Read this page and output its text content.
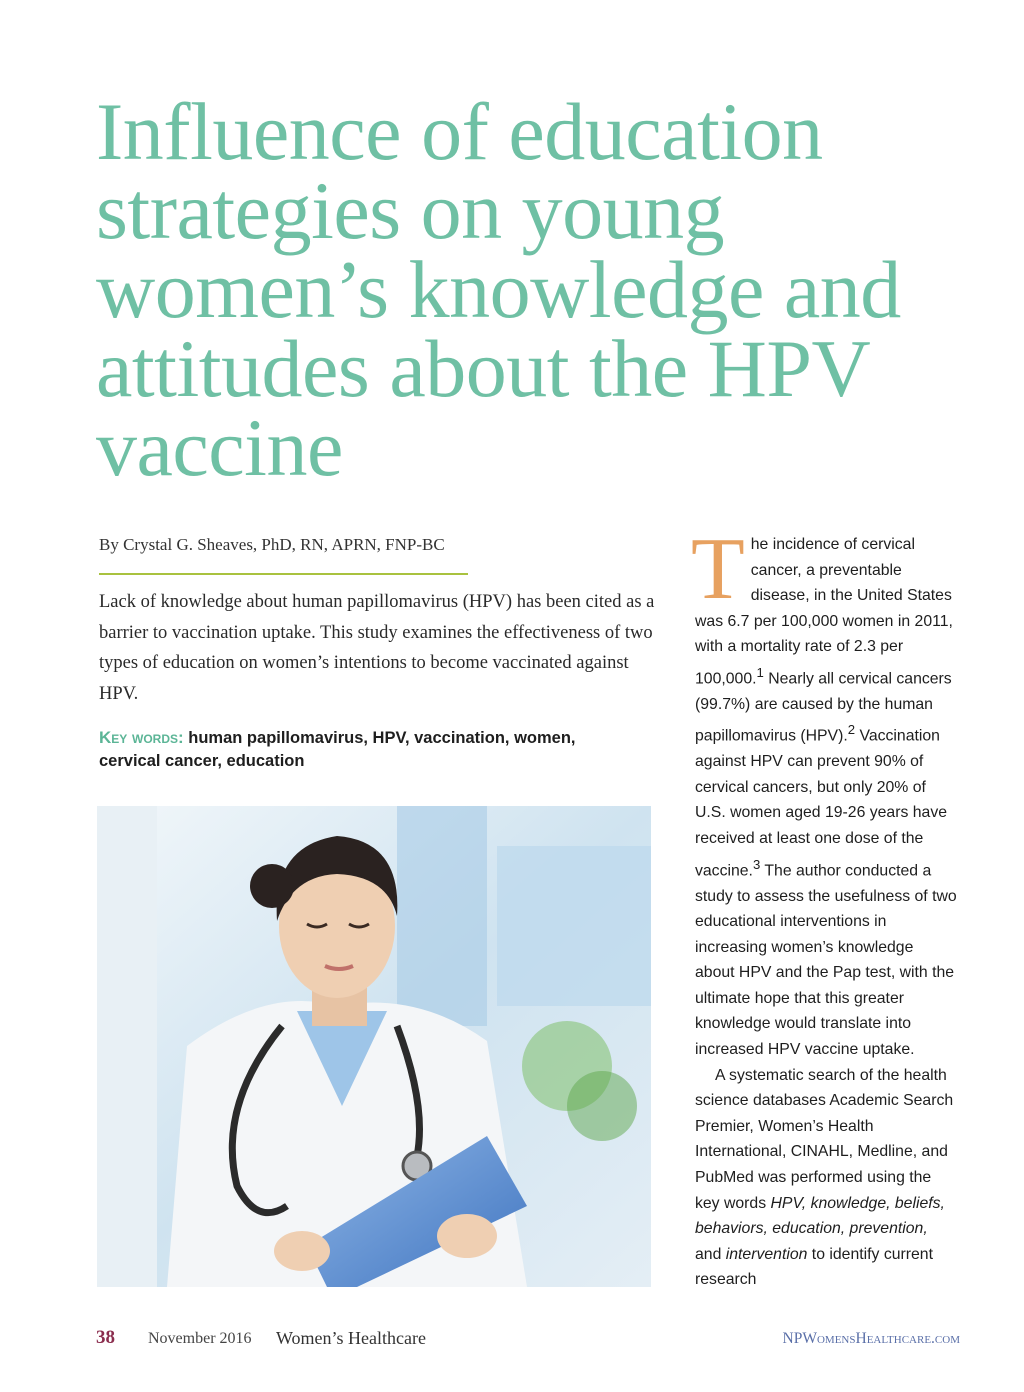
Influence of education strategies on young women’s knowledge and attitudes about the HPV vaccine
By Crystal G. Sheaves, PhD, RN, APRN, FNP-BC

Lack of knowledge about human papillomavirus (HPV) has been cited as a barrier to vaccination uptake. This study examines the effectiveness of two types of education on women’s intentions to become vaccinated against HPV.

Key words: human papillomavirus, HPV, vaccination, women, cervical cancer, education

The incidence of cervical cancer, a preventable disease, in the United States was 6.7 per 100,000 women in 2011, with a mortality rate of 2.3 per 100,000.$^1$ Nearly all cervical cancers (99.7%) are caused by the human papillomavirus (HPV).$^2$ Vaccination against HPV can prevent 90% of cervical cancers, but only 20% of U.S. women aged 19-26 years have received at least one dose of the vaccine.$^3$ The author conducted a study to assess the usefulness of two educational interventions in increasing women’s knowledge about HPV and the Pap test, with the ultimate hope that this greater knowledge would translate into increased HPV vaccine uptake.

A systematic search of the health science databases Academic Search Premier, Women’s Health International, CINAHL, Medline, and PubMed was performed using the key words HPV, knowledge, beliefs, behaviors, education, prevention, and intervention to identify current research

38 November 2016 Women’s Healthcare	NPWomensHealthcare.com
